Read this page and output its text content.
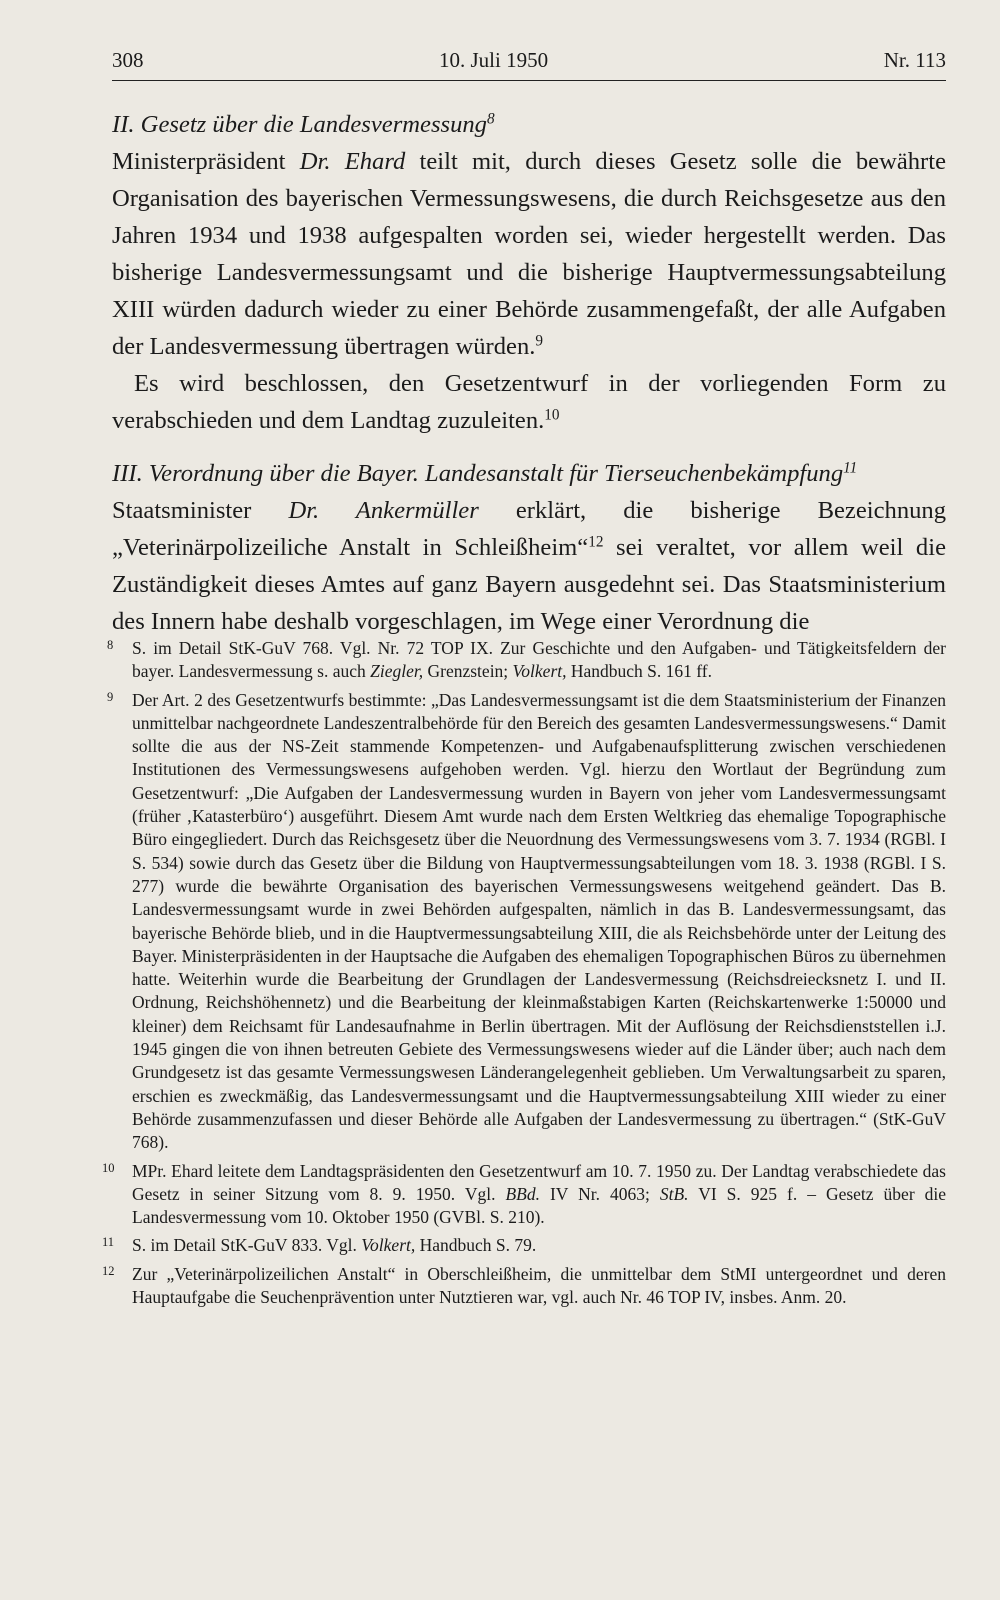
308	10. Juli 1950	Nr. 113

II. Gesetz über die Landesvermessung$^8$

Ministerpräsident Dr. Ehard teilt mit, durch dieses Gesetz solle die bewährte Organisation des bayerischen Vermessungswesens, die durch Reichsgesetze aus den Jahren 1934 und 1938 aufgespalten worden sei, wieder hergestellt werden. Das bisherige Landesvermessungsamt und die bisherige Hauptvermessungsabteilung XIII würden dadurch wieder zu einer Behörde zusammengefaßt, der alle Aufgaben der Landesvermessung übertragen würden.$^9$

Es wird beschlossen, den Gesetzentwurf in der vorliegenden Form zu verabschieden und dem Landtag zuzuleiten.$^{10}$

III. Verordnung über die Bayer. Landesanstalt für Tierseuchenbekämpfung$^{11}$

Staatsminister Dr. Ankermüller erklärt, die bisherige Bezeichnung „Veterinärpolizeiliche Anstalt in Schleißheim“$^{12}$ sei veraltet, vor allem weil die Zuständigkeit dieses Amtes auf ganz Bayern ausgedehnt sei. Das Staatsministerium des Innern habe deshalb vorgeschlagen, im Wege einer Verordnung die

8 S. im Detail StK-GuV 768. Vgl. Nr. 72 TOP IX. Zur Geschichte und den Aufgaben- und Tätigkeitsfeldern der bayer. Landesvermessung s. auch Ziegler, Grenzstein; Volkert, Handbuch S. 161 ff.

9 Der Art. 2 des Gesetzentwurfs bestimmte: „Das Landesvermessungsamt ist die dem Staatsministerium der Finanzen unmittelbar nachgeordnete Landeszentralbehörde für den Bereich des gesamten Landesvermessungswesens.“ Damit sollte die aus der NS-Zeit stammende Kompetenzen- und Aufgabenaufsplitterung zwischen verschiedenen Institutionen des Vermessungswesens aufgehoben werden. Vgl. hierzu den Wortlaut der Begründung zum Gesetzentwurf: „Die Aufgaben der Landesvermessung wurden in Bayern von jeher vom Landesvermessungsamt (früher ‚Katasterbüro‘) ausgeführt. Diesem Amt wurde nach dem Ersten Weltkrieg das ehemalige Topographische Büro eingegliedert. Durch das Reichsgesetz über die Neuordnung des Vermessungswesens vom 3. 7. 1934 (RGBl. I S. 534) sowie durch das Gesetz über die Bildung von Hauptvermessungsabteilungen vom 18. 3. 1938 (RGBl. I S. 277) wurde die bewährte Organisation des bayerischen Vermessungswesens weitgehend geändert. Das B. Landesvermessungsamt wurde in zwei Behörden aufgespalten, nämlich in das B. Landesvermessungsamt, das bayerische Behörde blieb, und in die Hauptvermessungsabteilung XIII, die als Reichsbehörde unter der Leitung des Bayer. Ministerpräsidenten in der Hauptsache die Aufgaben des ehemaligen Topographischen Büros zu übernehmen hatte. Weiterhin wurde die Bearbeitung der Grundlagen der Landesvermessung (Reichsdreiecksnetz I. und II. Ordnung, Reichshöhennetz) und die Bearbeitung der kleinmaßstabigen Karten (Reichskartenwerke 1:50000 und kleiner) dem Reichsamt für Landesaufnahme in Berlin übertragen. Mit der Auflösung der Reichsdienststellen i.J. 1945 gingen die von ihnen betreuten Gebiete des Vermessungswesens wieder auf die Länder über; auch nach dem Grundgesetz ist das gesamte Vermessungswesen Länderangelegenheit geblieben. Um Verwaltungsarbeit zu sparen, erschien es zweckmäßig, das Landesvermessungsamt und die Hauptvermessungsabteilung XIII wieder zu einer Behörde zusammenzufassen und dieser Behörde alle Aufgaben der Landesvermessung zu übertragen.“ (StK-GuV 768).

10 MPr. Ehard leitete dem Landtagspräsidenten den Gesetzentwurf am 10. 7. 1950 zu. Der Landtag verabschiedete das Gesetz in seiner Sitzung vom 8. 9. 1950. Vgl. BBd. IV Nr. 4063; StB. VI S. 925 f. – Gesetz über die Landesvermessung vom 10. Oktober 1950 (GVBl. S. 210).

11 S. im Detail StK-GuV 833. Vgl. Volkert, Handbuch S. 79.

12 Zur „Veterinärpolizeilichen Anstalt“ in Oberschleißheim, die unmittelbar dem StMI untergeordnet und deren Hauptaufgabe die Seuchenprävention unter Nutztieren war, vgl. auch Nr. 46 TOP IV, insbes. Anm. 20.
